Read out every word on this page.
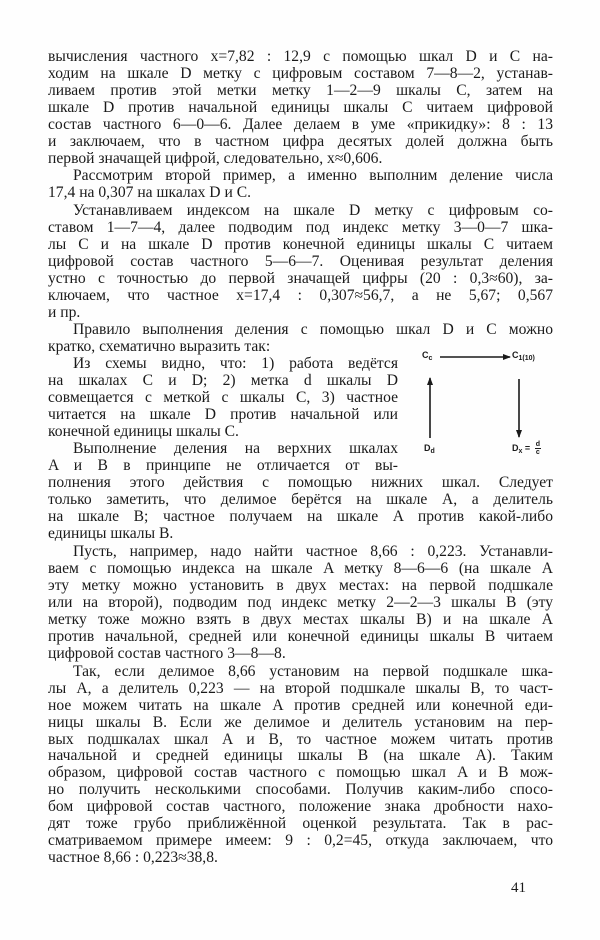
вычисления частного x=7,82 : 12,9 с помощью шкал D и C на-
ходим на шкале D метку с цифровым составом 7—8—2, устанав-
ливаем против этой метки метку 1—2—9 шкалы C, затем на
шкале D против начальной единицы шкалы C читаем цифровой
состав частного 6—0—6. Далее делаем в уме «прикидку»: 8 : 13
и заключаем, что в частном цифра десятых долей должна быть
первой значащей цифрой, следовательно, x≈0,606.
Рассмотрим второй пример, а именно выполним деление числа
17,4 на 0,307 на шкалах D и C.
Устанавливаем индексом на шкале D метку с цифровым со-
ставом 1—7—4, далее подводим под индекс метку 3—0—7 шка-
лы C и на шкале D против конечной единицы шкалы C читаем
цифровой состав частного 5—6—7. Оценивая результат деления
устно с точностью до первой значащей цифры (20 : 0,3≈60), за-
ключаем, что частное x=17,4 : 0,307≈56,7, а не 5,67; 0,567
и пр.
Правило выполнения деления с помощью шкал D и C можно
кратко, схематично выразить так:
Из схемы видно, что: 1) работа ведётся
на шкалах C и D; 2) метка d шкалы D
совмещается с меткой c шкалы C, 3) частное
читается на шкале D против начальной или
конечной единицы шкалы C.
Выполнение деления на верхних шкалах
A и B в принципе не отличается от вы-
полнения этого действия с помощью нижних шкал. Следует
только заметить, что делимое берётся на шкале A, а делитель
на шкале B; частное получаем на шкале A против какой-либо
единицы шкалы B.
Пусть, например, надо найти частное 8,66 : 0,223. Устанавли-
ваем с помощью индекса на шкале A метку 8—6—6 (на шкале A
эту метку можно установить в двух местах: на первой подшкале
или на второй), подводим под индекс метку 2—2—3 шкалы B (эту
метку тоже можно взять в двух местах шкалы B) и на шкале A
против начальной, средней или конечной единицы шкалы B читаем
цифровой состав частного 3—8—8.
Так, если делимое 8,66 установим на первой подшкале шка-
лы A, а делитель 0,223 — на второй подшкале шкалы B, то част-
ное можем читать на шкале A против средней или конечной еди-
ницы шкалы B. Если же делимое и делитель установим на пер-
вых подшкалах шкал A и B, то частное можем читать против
начальной и средней единицы шкалы B (на шкале A). Таким
образом, цифровой состав частного с помощью шкал A и B мож-
но получить несколькими способами. Получив каким-либо спосо-
бом цифровой состав частного, положение знака дробности нахо-
дят тоже грубо приближённой оценкой результата. Так в рас-
сматриваемом примере имеем: 9 : 0,2=45, откуда заключаем, что
частное 8,66 : 0,223≈38,8.
$C_c$	$C_{1(10)}$
$D_d$	$D_x = \frac{d}{c}$
41
